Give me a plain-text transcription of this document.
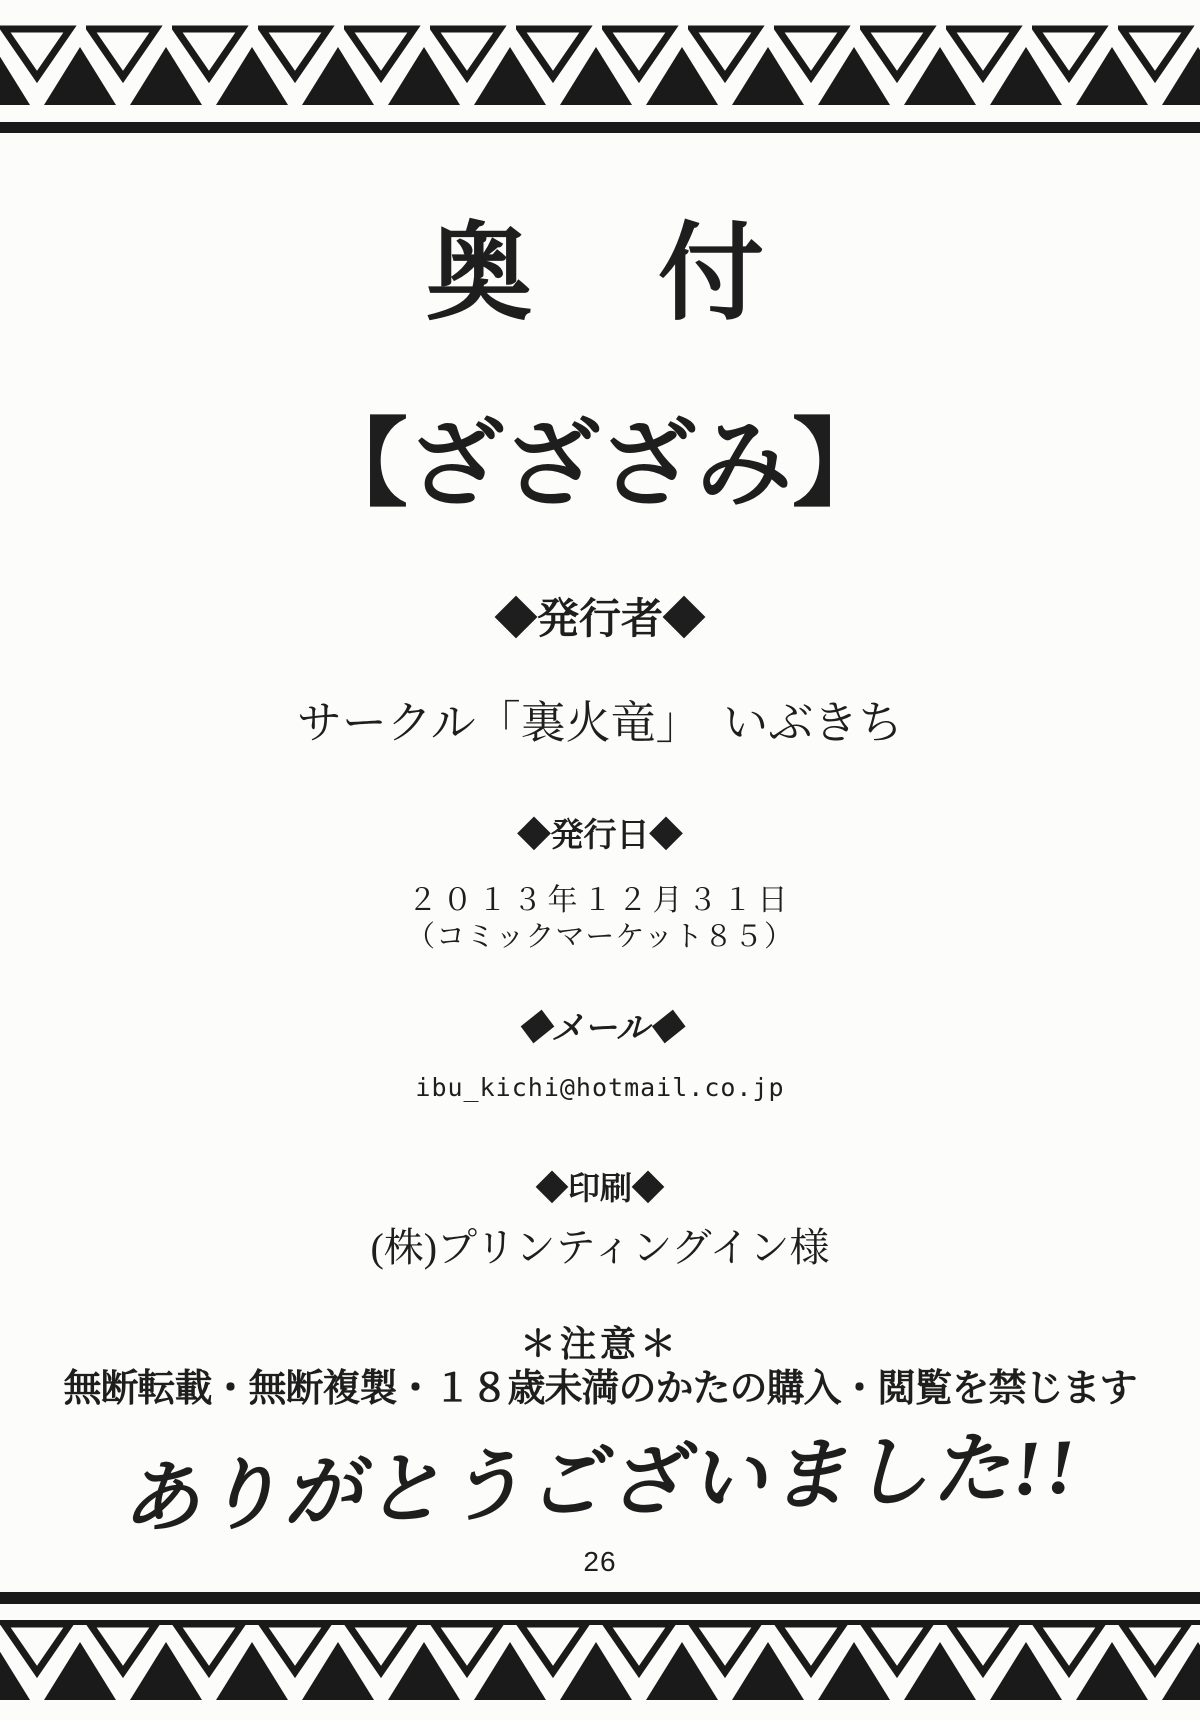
奥　付
【ざざざみ】
◆発行者◆
サークル「裏火竜」　いぶきち
◆発行日◆
２０１３年１２月３１日
（コミックマーケット８５）
◆メール◆
ibu_kichi@hotmail.co.jp
◆印刷◆
(株)プリンティングイン様
＊注意＊
無断転載・無断複製・１８歳未満のかたの購入・閲覧を禁じます
ありがとうございました!!
26
